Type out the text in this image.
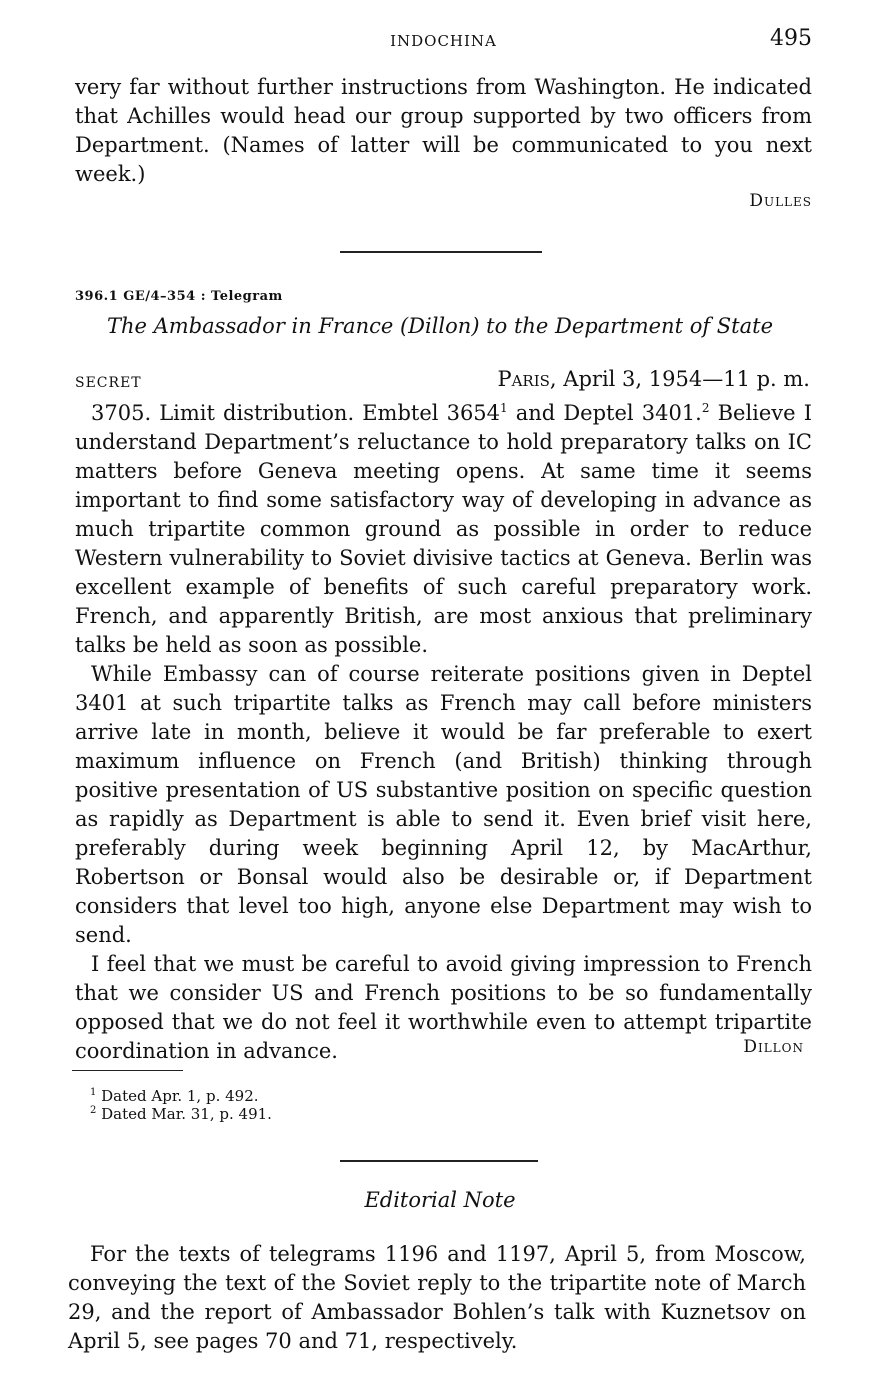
INDOCHINA	495

very far without further instructions from Washington. He indicated that Achilles would head our group supported by two officers from Department. (Names of latter will be communicated to you next week.)

Dulles
396.1 GE/4–354 : Telegram
The Ambassador in France (Dillon) to the Department of State
SECRET	Paris, April 3, 1954—11 p. m.

3705. Limit distribution. Embtel 3654$^1$ and Deptel 3401.$^2$ Believe I understand Department’s reluctance to hold preparatory talks on IC matters before Geneva meeting opens. At same time it seems important to find some satisfactory way of developing in advance as much tripartite common ground as possible in order to reduce Western vulnerability to Soviet divisive tactics at Geneva. Berlin was excellent example of benefits of such careful preparatory work. French, and apparently British, are most anxious that preliminary talks be held as soon as possible.

While Embassy can of course reiterate positions given in Deptel 3401 at such tripartite talks as French may call before ministers arrive late in month, believe it would be far preferable to exert maximum influence on French (and British) thinking through positive presentation of US substantive position on specific question as rapidly as Department is able to send it. Even brief visit here, preferably during week beginning April 12, by MacArthur, Robertson or Bonsal would also be desirable or, if Department considers that level too high, anyone else Department may wish to send.

I feel that we must be careful to avoid giving impression to French that we consider US and French positions to be so fundamentally opposed that we do not feel it worthwhile even to attempt tripartite coordination in advance.	Dillon
$^1$ Dated Apr. 1, p. 492.
$^2$ Dated Mar. 31, p. 491.
Editorial Note

For the texts of telegrams 1196 and 1197, April 5, from Moscow, conveying the text of the Soviet reply to the tripartite note of March 29, and the report of Ambassador Bohlen’s talk with Kuznetsov on April 5, see pages 70 and 71, respectively.
